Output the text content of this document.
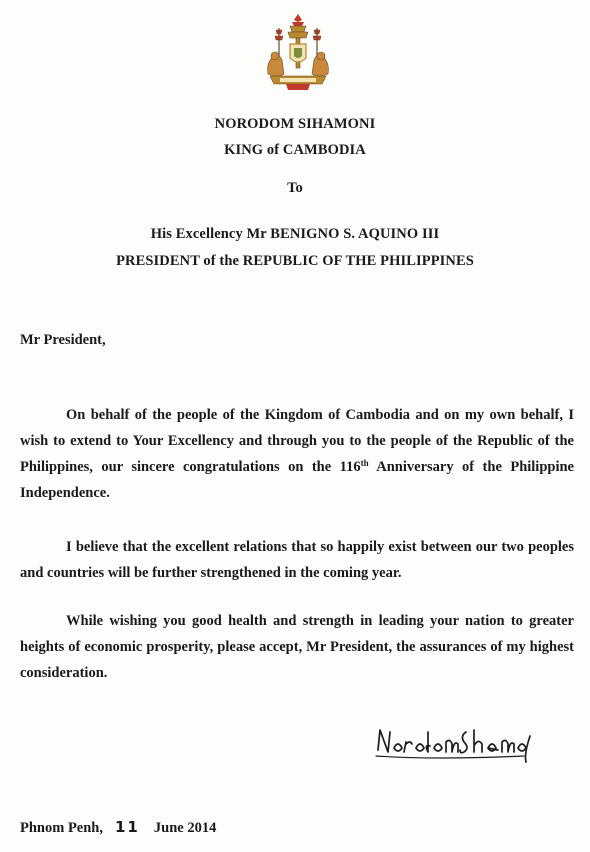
NORODOM SIHAMONI
KING of CAMBODIA
To
His Excellency Mr BENIGNO S. AQUINO III
PRESIDENT of the REPUBLIC OF THE PHILIPPINES
Mr President,

On behalf of the people of the Kingdom of Cambodia and on my own behalf, I wish to extend to Your Excellency and through you to the people of the Republic of the Philippines, our sincere congratulations on the 116th Anniversary of the Philippine Independence.

I believe that the excellent relations that so happily exist between our two peoples and countries will be further strengthened in the coming year.

While wishing you good health and strength in leading your nation to greater heights of economic prosperity, please accept, Mr President, the assurances of my highest consideration.

Phnom Penh, 11 June 2014
